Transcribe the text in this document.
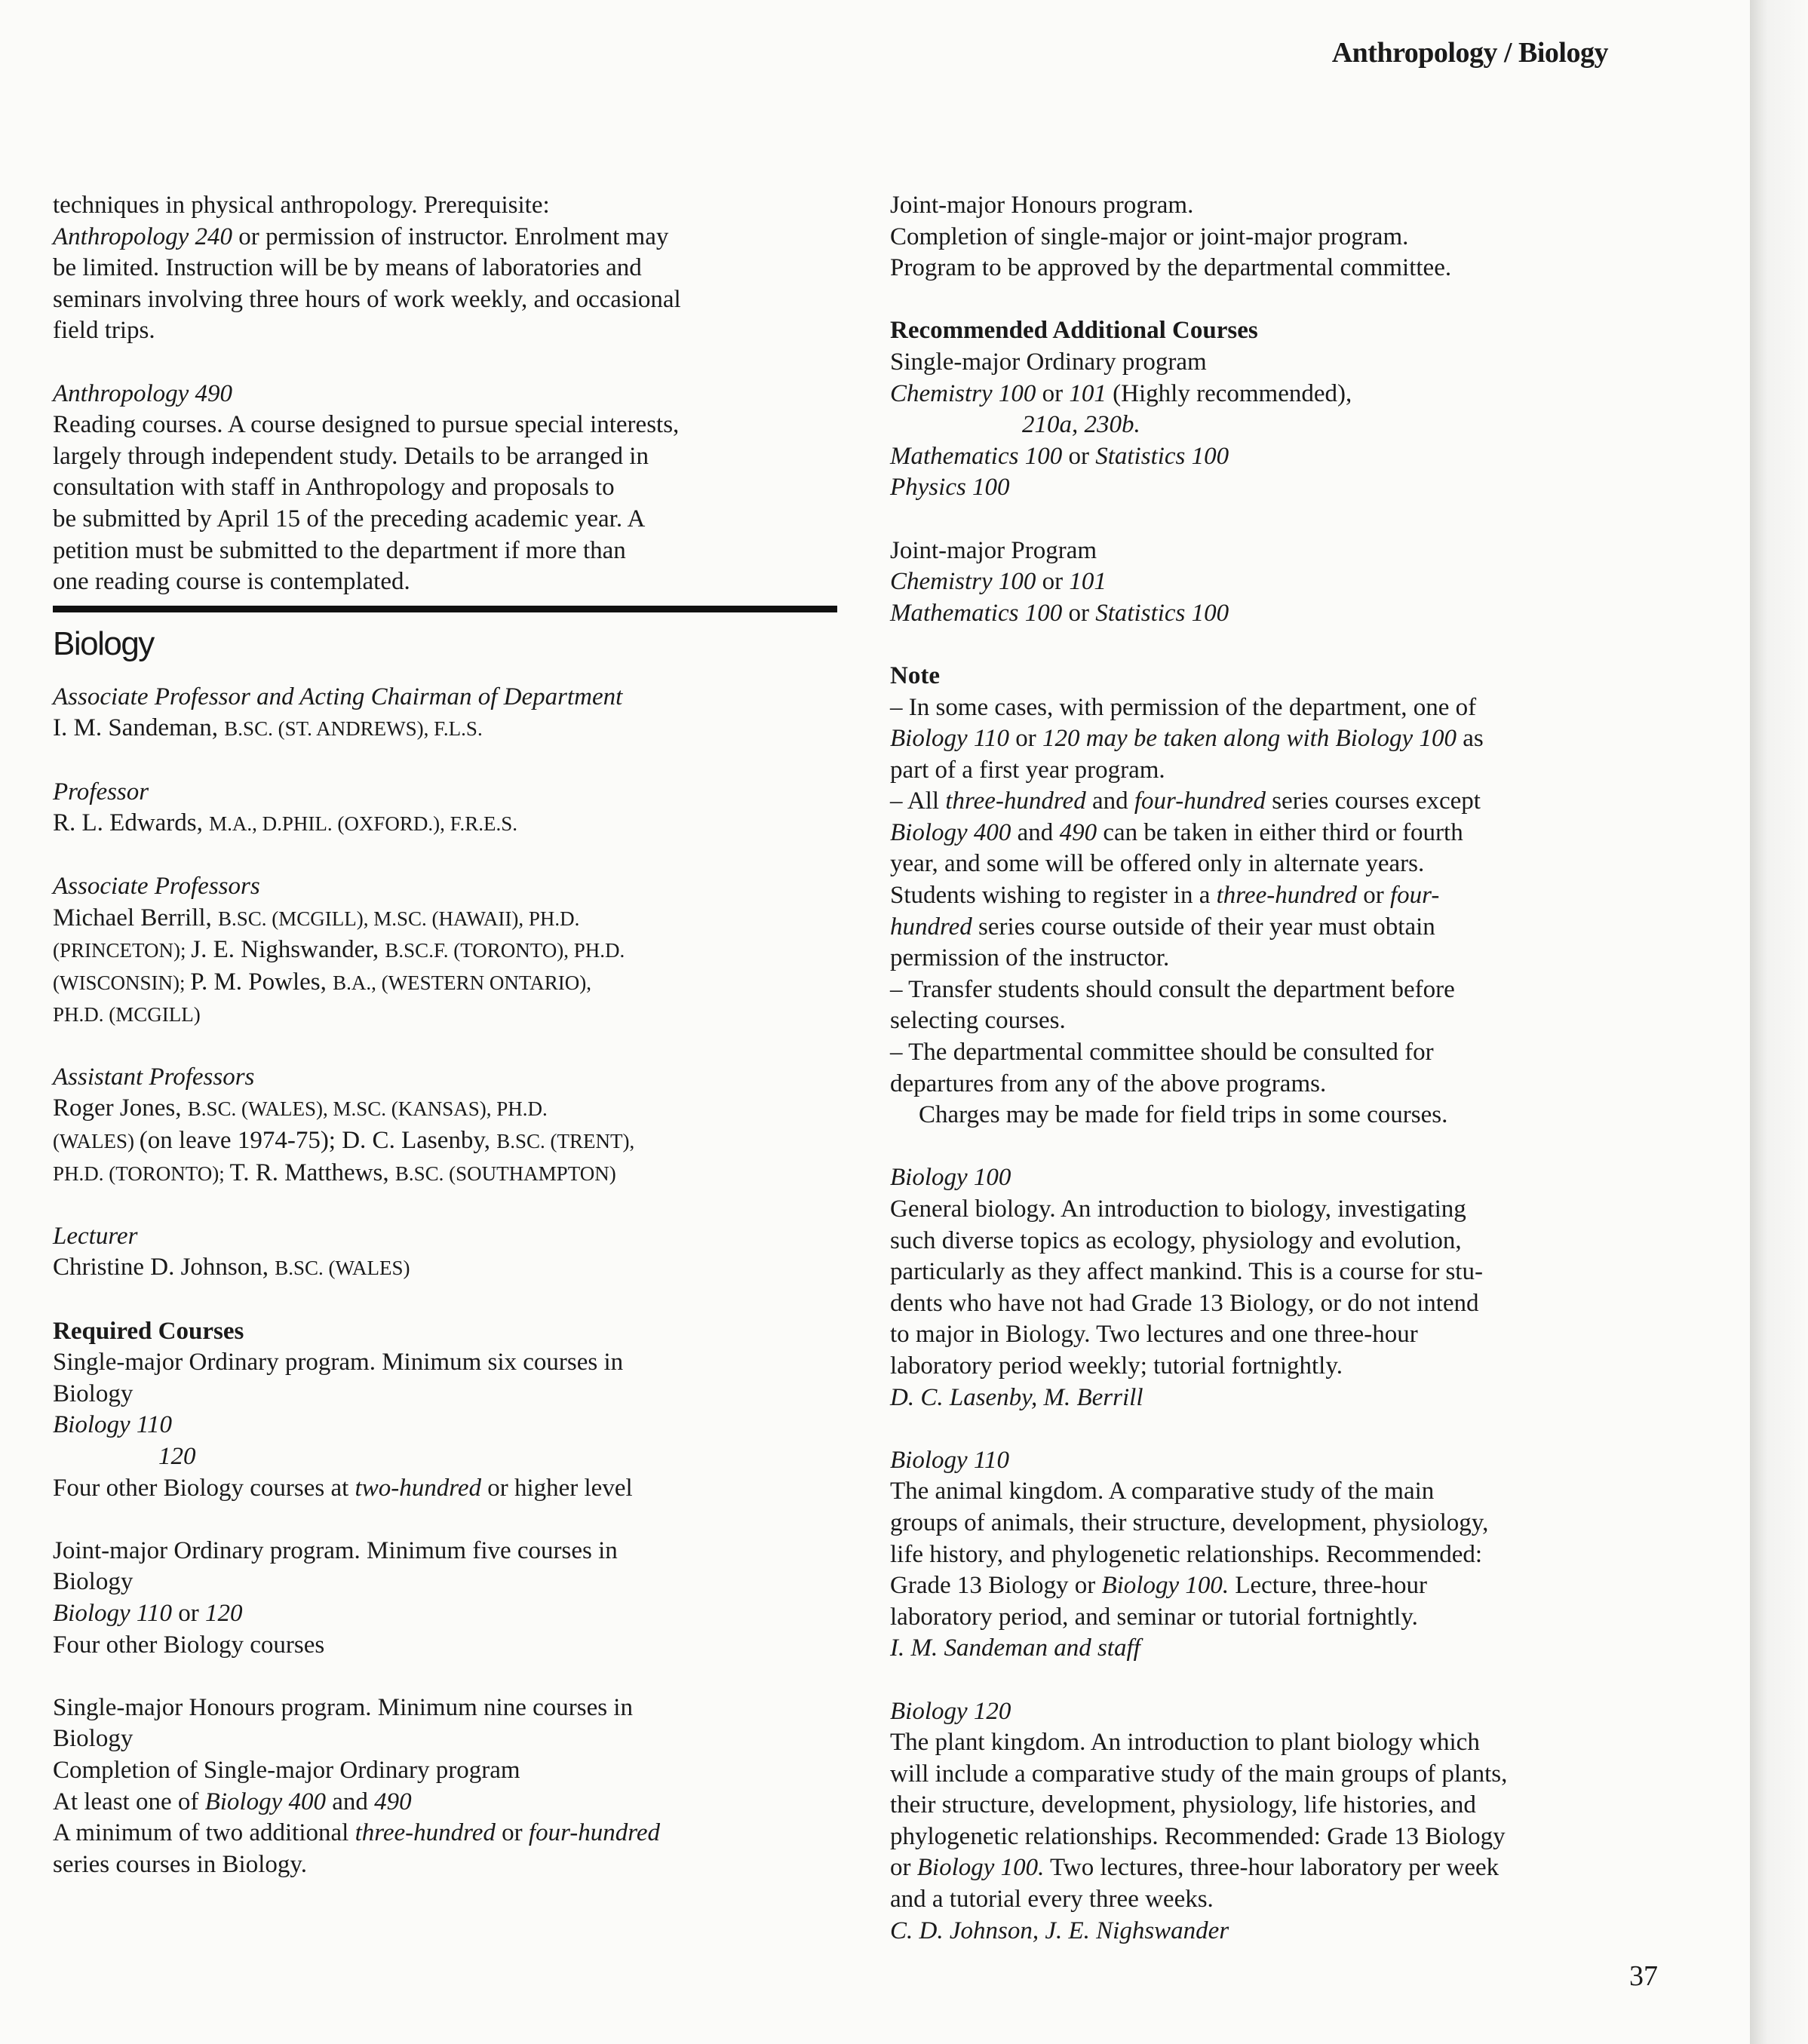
Anthropology / Biology
techniques in physical anthropology. Prerequisite:
Anthropology 240 or permission of instructor. Enrolment may
be limited. Instruction will be by means of laboratories and
seminars involving three hours of work weekly, and occasional
field trips.
Anthropology 490
Reading courses. A course designed to pursue special interests,
largely through independent study. Details to be arranged in
consultation with staff in Anthropology and proposals to
be submitted by April 15 of the preceding academic year. A
petition must be submitted to the department if more than
one reading course is contemplated.
Biology
Associate Professor and Acting Chairman of Department
I. M. Sandeman, B.SC. (ST. ANDREWS), F.L.S.
Professor
R. L. Edwards, M.A., D.PHIL. (OXFORD.), F.R.E.S.
Associate Professors
Michael Berrill, B.SC. (MCGILL), M.SC. (HAWAII), PH.D.
(PRINCETON); J. E. Nighswander, B.SC.F. (TORONTO), PH.D.
(WISCONSIN); P. M. Powles, B.A., (WESTERN ONTARIO),
PH.D. (MCGILL)
Assistant Professors
Roger Jones, B.SC. (WALES), M.SC. (KANSAS), PH.D.
(WALES) (on leave 1974-75); D. C. Lasenby, B.SC. (TRENT),
PH.D. (TORONTO); T. R. Matthews, B.SC. (SOUTHAMPTON)
Lecturer
Christine D. Johnson, B.SC. (WALES)
Required Courses
Single-major Ordinary program. Minimum six courses in
Biology
Biology 110
120
Four other Biology courses at two-hundred or higher level
Joint-major Ordinary program. Minimum five courses in
Biology
Biology 110 or 120
Four other Biology courses
Single-major Honours program. Minimum nine courses in
Biology
Completion of Single-major Ordinary program
At least one of Biology 400 and 490
A minimum of two additional three-hundred or four-hundred
series courses in Biology.
Joint-major Honours program.
Completion of single-major or joint-major program.
Program to be approved by the departmental committee.
Recommended Additional Courses
Single-major Ordinary program
Chemistry 100 or 101 (Highly recommended),
210a, 230b.
Mathematics 100 or Statistics 100
Physics 100
Joint-major Program
Chemistry 100 or 101
Mathematics 100 or Statistics 100
Note
– In some cases, with permission of the department, one of
Biology 110 or 120 may be taken along with Biology 100 as
part of a first year program.
– All three-hundred and four-hundred series courses except
Biology 400 and 490 can be taken in either third or fourth
year, and some will be offered only in alternate years.
Students wishing to register in a three-hundred or four-
hundred series course outside of their year must obtain
permission of the instructor.
– Transfer students should consult the department before
selecting courses.
– The departmental committee should be consulted for
departures from any of the above programs.
Charges may be made for field trips in some courses.
Biology 100
General biology. An introduction to biology, investigating
such diverse topics as ecology, physiology and evolution,
particularly as they affect mankind. This is a course for stu-
dents who have not had Grade 13 Biology, or do not intend
to major in Biology. Two lectures and one three-hour
laboratory period weekly; tutorial fortnightly.
D. C. Lasenby, M. Berrill
Biology 110
The animal kingdom. A comparative study of the main
groups of animals, their structure, development, physiology,
life history, and phylogenetic relationships. Recommended:
Grade 13 Biology or Biology 100. Lecture, three-hour
laboratory period, and seminar or tutorial fortnightly.
I. M. Sandeman and staff
Biology 120
The plant kingdom. An introduction to plant biology which
will include a comparative study of the main groups of plants,
their structure, development, physiology, life histories, and
phylogenetic relationships. Recommended: Grade 13 Biology
or Biology 100. Two lectures, three-hour laboratory per week
and a tutorial every three weeks.
C. D. Johnson, J. E. Nighswander
37
